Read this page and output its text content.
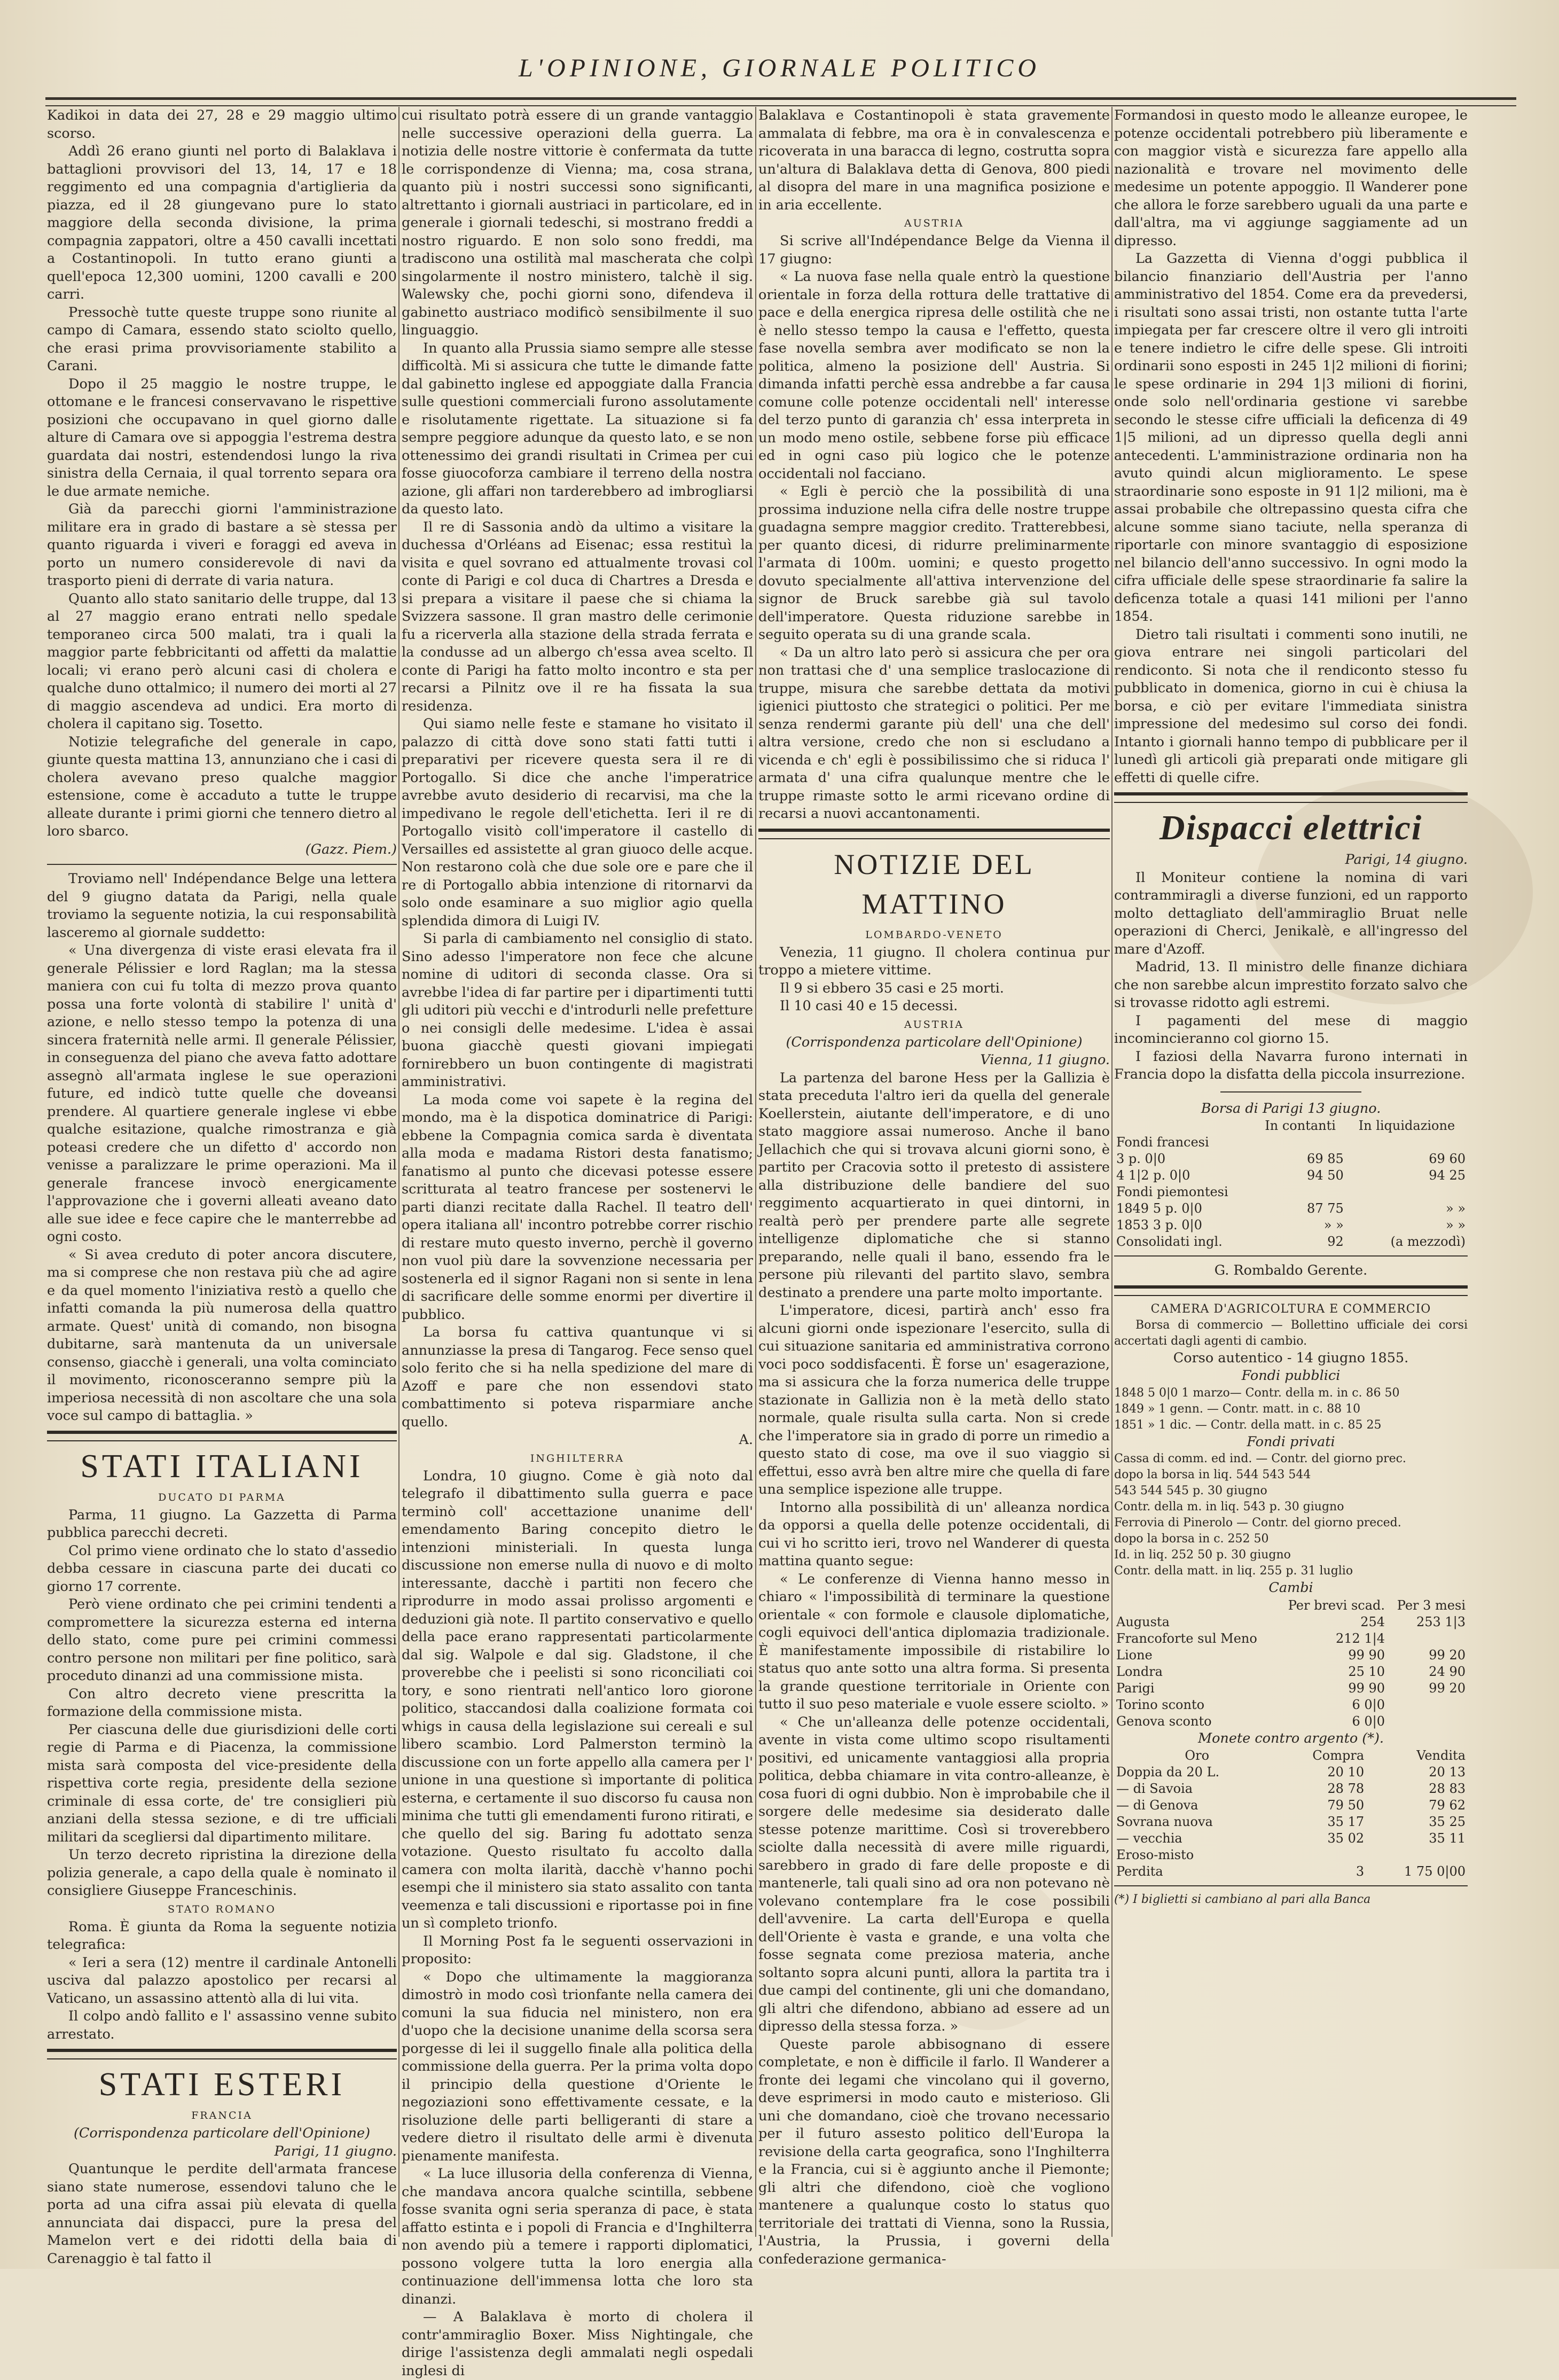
L'OPINIONE, GIORNALE POLITICO

Kadikoi in data dei 27, 28 e 29 maggio ultimo scorso.

Addì 26 erano giunti nel porto di Balaklava i battaglioni provvisori del 13, 14, 17 e 18 reggimento ed una compagnia d'artiglieria da piazza, ed il 28 giungevano pure lo stato maggiore della seconda divisione, la prima compagnia zappatori, oltre a 450 cavalli incettati a Costantinopoli. In tutto erano giunti a quell'epoca 12,300 uomini, 1200 cavalli e 200 carri.

Pressochè tutte queste truppe sono riunite al campo di Camara, essendo stato sciolto quello, che erasi prima provvisoriamente stabilito a Carani.

Dopo il 25 maggio le nostre truppe, le ottomane e le francesi conservavano le rispettive posizioni che occupavano in quel giorno dalle alture di Camara ove si appoggia l'estrema destra guardata dai nostri, estendendosi lungo la riva sinistra della Cernaia, il qual torrento separa ora le due armate nemiche.

Già da parecchi giorni l'amministrazione militare era in grado di bastare a sè stessa per quanto riguarda i viveri e foraggi ed aveva in porto un numero considerevole di navi da trasporto pieni di derrate di varia natura.

Quanto allo stato sanitario delle truppe, dal 13 al 27 maggio erano entrati nello spedale temporaneo circa 500 malati, tra i quali la maggior parte febbricitanti od affetti da malattie locali; vi erano però alcuni casi di cholera e qualche duno ottalmico; il numero dei morti al 27 di maggio ascendeva ad undici. Era morto di cholera il capitano sig. Tosetto.

Notizie telegrafiche del generale in capo, giunte questa mattina 13, annunziano che i casi di cholera avevano preso qualche maggior estensione, come è accaduto a tutte le truppe alleate durante i primi giorni che tennero dietro al loro sbarco.

(Gazz. Piem.)

Troviamo nell' Indépendance Belge una lettera del 9 giugno datata da Parigi, nella quale troviamo la seguente notizia, la cui responsabilità lasceremo al giornale suddetto:

« Una divergenza di viste erasi elevata fra il generale Pélissier e lord Raglan; ma la stessa maniera con cui fu tolta di mezzo prova quanto possa una forte volontà di stabilire l' unità d' azione, e nello stesso tempo la potenza di una sincera fraternità nelle armi. Il generale Pélissier, in conseguenza del piano che aveva fatto adottare assegnò all'armata inglese le sue operazioni future, ed indicò tutte quelle che doveansi prendere. Al quartiere generale inglese vi ebbe qualche esitazione, qualche rimostranza e già poteasi credere che un difetto d' accordo non venisse a paralizzare le prime operazioni. Ma il generale francese invocò energicamente l'approvazione che i governi alleati aveano dato alle sue idee e fece capire che le manterrebbe ad ogni costo.

« Si avea creduto di poter ancora discutere, ma si comprese che non restava più che ad agire e da quel momento l'iniziativa restò a quello che infatti comanda la più numerosa della quattro armate. Quest' unità di comando, non bisogna dubitarne, sarà mantenuta da un universale consenso, giacchè i generali, una volta cominciato il movimento, riconosceranno sempre più la imperiosa necessità di non ascoltare che una sola voce sul campo di battaglia. »

STATI ITALIANI
DUCATO DI PARMA

Parma, 11 giugno. La Gazzetta di Parma pubblica parecchi decreti.

Col primo viene ordinato che lo stato d'assedio debba cessare in ciascuna parte dei ducati co giorno 17 corrente.

Però viene ordinato che pei crimini tendenti a compromettere la sicurezza esterna ed interna dello stato, come pure pei crimini commessi contro persone non militari per fine politico, sarà proceduto dinanzi ad una commissione mista.

Con altro decreto viene prescritta la formazione della commissione mista.

Per ciascuna delle due giurisdizioni delle corti regie di Parma e di Piacenza, la commissione mista sarà composta del vice-presidente della rispettiva corte regia, presidente della sezione criminale di essa corte, de' tre consiglieri più anziani della stessa sezione, e di tre ufficiali militari da scegliersi dal dipartimento militare.

Un terzo decreto ripristina la direzione della polizia generale, a capo della quale è nominato il consigliere Giuseppe Franceschinis.

STATO ROMANO

Roma. È giunta da Roma la seguente notizia telegrafica:

« Ieri a sera (12) mentre il cardinale Antonelli usciva dal palazzo apostolico per recarsi al Vaticano, un assassino attentò alla di lui vita.

Il colpo andò fallito e l' assassino venne subito arrestato.

STATI ESTERI
FRANCIA
(Corrispondenza particolare dell'Opinione)

Parigi, 11 giugno.

Quantunque le perdite dell'armata francese siano state numerose, essendovi taluno che le porta ad una cifra assai più elevata di quella annunciata dai dispacci, pure la presa del Mamelon vert e dei ridotti della baia di Carenaggio è tal fatto il

cui risultato potrà essere di un grande vantaggio nelle successive operazioni della guerra. La notizia delle nostre vittorie è confermata da tutte le corrispondenze di Vienna; ma, cosa strana, quanto più i nostri successi sono significanti, altrettanto i giornali austriaci in particolare, ed in generale i giornali tedeschi, si mostrano freddi a nostro riguardo. E non solo sono freddi, ma tradiscono una ostilità mal mascherata che colpì singolarmente il nostro ministero, talchè il sig. Walewsky che, pochi giorni sono, difendeva il gabinetto austriaco modificò sensibilmente il suo linguaggio.

In quanto alla Prussia siamo sempre alle stesse difficoltà. Mi si assicura che tutte le dimande fatte dal gabinetto inglese ed appoggiate dalla Francia sulle questioni commerciali furono assolutamente e risolutamente rigettate. La situazione si fa sempre peggiore adunque da questo lato, e se non ottenessimo dei grandi risultati in Crimea per cui fosse giuocoforza cambiare il terreno della nostra azione, gli affari non tarderebbero ad imbrogliarsi da questo lato.

Il re di Sassonia andò da ultimo a visitare la duchessa d'Orléans ad Eisenac; essa restituì la visita e quel sovrano ed attualmente trovasi col conte di Parigi e col duca di Chartres a Dresda e si prepara a visitare il paese che si chiama la Svizzera sassone. Il gran mastro delle cerimonie fu a ricerverla alla stazione della strada ferrata e la condusse ad un albergo ch'essa avea scelto. Il conte di Parigi ha fatto molto incontro e sta per recarsi a Pilnitz ove il re ha fissata la sua residenza.

Qui siamo nelle feste e stamane ho visitato il palazzo di città dove sono stati fatti tutti i preparativi per ricevere questa sera il re di Portogallo. Si dice che anche l'imperatrice avrebbe avuto desiderio di recarvisi, ma che la impedivano le regole dell'etichetta. Ieri il re di Portogallo visitò coll'imperatore il castello di Versailles ed assistette al gran giuoco delle acque. Non restarono colà che due sole ore e pare che il re di Portogallo abbia intenzione di ritornarvi da solo onde esaminare a suo miglior agio quella splendida dimora di Luigi IV.

Si parla di cambiamento nel consiglio di stato. Sino adesso l'imperatore non fece che alcune nomine di uditori di seconda classe. Ora si avrebbe l'idea di far partire per i dipartimenti tutti gli uditori più vecchi e d'introdurli nelle prefetture o nei consigli delle medesime. L'idea è assai buona giacchè questi giovani impiegati fornirebbero un buon contingente di magistrati amministrativi.

La moda come voi sapete è la regina del mondo, ma è la dispotica dominatrice di Parigi: ebbene la Compagnia comica sarda è diventata alla moda e madama Ristori desta fanatismo; fanatismo al punto che dicevasi potesse essere scritturata al teatro francese per sostenervi le parti dianzi recitate dalla Rachel. Il teatro dell' opera italiana all' incontro potrebbe correr rischio di restare muto questo inverno, perchè il governo non vuol più dare la sovvenzione necessaria per sostenerla ed il signor Ragani non si sente in lena di sacrificare delle somme enormi per divertire il pubblico.

La borsa fu cattiva quantunque vi si annunziasse la presa di Tangarog. Fece senso quel solo ferito che si ha nella spedizione del mare di Azoff e pare che non essendovi stato combattimento si poteva risparmiare anche quello.

A.

INGHILTERRA

Londra, 10 giugno. Come è già noto dal telegrafo il dibattimento sulla guerra e pace terminò coll' accettazione unanime dell' emendamento Baring concepito dietro le intenzioni ministeriali. In questa lunga discussione non emerse nulla di nuovo e di molto interessante, dacchè i partiti non fecero che riprodurre in modo assai prolisso argomenti e deduzioni già note. Il partito conservativo e quello della pace erano rappresentati particolarmente dal sig. Walpole e dal sig. Gladstone, il che proverebbe che i peelisti si sono riconciliati coi tory, e sono rientrati nell'antico loro giorone politico, staccandosi dalla coalizione formata coi whigs in causa della legislazione sui cereali e sul libero scambio. Lord Palmerston terminò la discussione con un forte appello alla camera per l' unione in una questione sì importante di politica esterna, e certamente il suo discorso fu causa non minima che tutti gli emendamenti furono ritirati, e che quello del sig. Baring fu adottato senza votazione. Questo risultato fu accolto dalla camera con molta ilarità, dacchè v'hanno pochi esempi che il ministero sia stato assalito con tanta veemenza e tali discussioni e riportasse poi in fine un sì completo trionfo.

Il Morning Post fa le seguenti osservazioni in proposito:

« Dopo che ultimamente la maggioranza dimostrò in modo così trionfante nella camera dei comuni la sua fiducia nel ministero, non era d'uopo che la decisione unanime della scorsa sera porgesse di lei il suggello finale alla politica della commissione della guerra. Per la prima volta dopo il principio della questione d'Oriente le negoziazioni sono effettivamente cessate, e la risoluzione delle parti belligeranti di stare a vedere dietro il risultato delle armi è divenuta pienamente manifesta.

« La luce illusoria della conferenza di Vienna, che mandava ancora qualche scintilla, sebbene fosse svanita ogni seria speranza di pace, è stata affatto estinta e i popoli di Francia e d'Inghilterra non avendo più a temere i rapporti diplomatici, possono volgere tutta la loro energia alla continuazione dell'immensa lotta che loro sta dinanzi.

— A Balaklava è morto di cholera il contr'ammiraglio Boxer. Miss Nightingale, che dirige l'assistenza degli ammalati negli ospedali inglesi di

Balaklava e Costantinopoli è stata gravemente ammalata di febbre, ma ora è in convalescenza e ricoverata in una baracca di legno, costrutta sopra un'altura di Balaklava detta di Genova, 800 piedi al disopra del mare in una magnifica posizione e in aria eccellente.

AUSTRIA

Si scrive all'Indépendance Belge da Vienna il 17 giugno:

« La nuova fase nella quale entrò la questione orientale in forza della rottura delle trattative di pace e della energica ripresa delle ostilità che ne è nello stesso tempo la causa e l'effetto, questa fase novella sembra aver modificato se non la politica, almeno la posizione dell' Austria. Si dimanda infatti perchè essa andrebbe a far causa comune colle potenze occidentali nell' interesse del terzo punto di garanzia ch' essa interpreta in un modo meno ostile, sebbene forse più efficace ed in ogni caso più logico che le potenze occidentali nol facciano.

« Egli è perciò che la possibilità di una prossima induzione nella cifra delle nostre truppe guadagna sempre maggior credito. Tratterebbesi, per quanto dicesi, di ridurre preliminarmente l'armata di 100m. uomini; e questo progetto dovuto specialmente all'attiva intervenzione del signor de Bruck sarebbe già sul tavolo dell'imperatore. Questa riduzione sarebbe in seguito operata su di una grande scala.

« Da un altro lato però si assicura che per ora non trattasi che d' una semplice traslocazione di truppe, misura che sarebbe dettata da motivi igienici piuttosto che strategici o politici. Per me senza rendermi garante più dell' una che dell' altra versione, credo che non si escludano a vicenda e ch' egli è possibilissimo che si riduca l' armata d' una cifra qualunque mentre che le truppe rimaste sotto le armi ricevano ordine di recarsi a nuovi accantonamenti.

NOTIZIE DEL MATTINO
LOMBARDO-VENETO

Venezia, 11 giugno. Il cholera continua pur troppo a mietere vittime.

Il 9 si ebbero 35 casi e 25 morti.

Il 10 casi 40 e 15 decessi.

AUSTRIA
(Corrispondenza particolare dell'Opinione)

Vienna, 11 giugno.

La partenza del barone Hess per la Gallizia è stata preceduta l'altro ieri da quella del generale Koellerstein, aiutante dell'imperatore, e di uno stato maggiore assai numeroso. Anche il bano Jellachich che qui si trovava alcuni giorni sono, è partito per Cracovia sotto il pretesto di assistere alla distribuzione delle bandiere del suo reggimento acquartierato in quei dintorni, in realtà però per prendere parte alle segrete intelligenze diplomatiche che si stanno preparando, nelle quali il bano, essendo fra le persone più rilevanti del partito slavo, sembra destinato a prendere una parte molto importante.

L'imperatore, dicesi, partirà anch' esso fra alcuni giorni onde ispezionare l'esercito, sulla di cui situazione sanitaria ed amministrativa corrono voci poco soddisfacenti. È forse un' esagerazione, ma si assicura che la forza numerica delle truppe stazionate in Gallizia non è la metà dello stato normale, quale risulta sulla carta. Non si crede che l'imperatore sia in grado di porre un rimedio a questo stato di cose, ma ove il suo viaggio si effettui, esso avrà ben altre mire che quella di fare una semplice ispezione alle truppe.

Intorno alla possibilità di un' alleanza nordica da opporsi a quella delle potenze occidentali, di cui vi ho scritto ieri, trovo nel Wanderer di questa mattina quanto segue:

« Le conferenze di Vienna hanno messo in chiaro « l'impossibilità di terminare la questione orientale « con formole e clausole diplomatiche, cogli equivoci dell'antica diplomazia tradizionale. È manifestamente impossibile di ristabilire lo status quo ante sotto una altra forma. Si presenta la grande questione territoriale in Oriente con tutto il suo peso materiale e vuole essere sciolto. »

« Che un'alleanza delle potenze occidentali, avente in vista come ultimo scopo risultamenti positivi, ed unicamente vantaggiosi alla propria politica, debba chiamare in vita contro-alleanze, è cosa fuori di ogni dubbio. Non è improbabile che il sorgere delle medesime sia desiderato dalle stesse potenze marittime. Così si troverebbero sciolte dalla necessità di avere mille riguardi, sarebbero in grado di fare delle proposte e di mantenerle, tali quali sino ad ora non potevano nè volevano contemplare fra le cose possibili dell'avvenire. La carta dell'Europa e quella dell'Oriente è vasta e grande, e una volta che fosse segnata come preziosa materia, anche soltanto sopra alcuni punti, allora la partita tra i due campi del continente, gli uni che domandano, gli altri che difendono, abbiano ad essere ad un dipresso della stessa forza. »

Queste parole abbisognano di essere completate, e non è difficile il farlo. Il Wanderer a fronte dei legami che vincolano qui il governo, deve esprimersi in modo cauto e misterioso. Gli uni che domandano, cioè che trovano necessario per il futuro assesto politico dell'Europa la revisione della carta geografica, sono l'Inghilterra e la Francia, cui si è aggiunto anche il Piemonte; gli altri che difendono, cioè che vogliono mantenere a qualunque costo lo status quo territoriale dei trattati di Vienna, sono la Russia, l'Austria, la Prussia, i governi della confederazione germanica-

Formandosi in questo modo le alleanze europee, le potenze occidentali potrebbero più liberamente e con maggior vistà e sicurezza fare appello alla nazionalità e trovare nel movimento delle medesime un potente appoggio. Il Wanderer pone che allora le forze sarebbero uguali da una parte e dall'altra, ma vi aggiunge saggiamente ad un dipresso.

La Gazzetta di Vienna d'oggi pubblica il bilancio finanziario dell'Austria per l'anno amministrativo del 1854. Come era da prevedersi, i risultati sono assai tristi, non ostante tutta l'arte impiegata per far crescere oltre il vero gli introiti e tenere indietro le cifre delle spese. Gli introiti ordinarii sono esposti in 245 1|2 milioni di fiorini; le spese ordinarie in 294 1|3 milioni di fiorini, onde solo nell'ordinaria gestione vi sarebbe secondo le stesse cifre ufficiali la deficenza di 49 1|5 milioni, ad un dipresso quella degli anni antecedenti. L'amministrazione ordinaria non ha avuto quindi alcun miglioramento. Le spese straordinarie sono esposte in 91 1|2 milioni, ma è assai probabile che oltrepassino questa cifra che alcune somme siano taciute, nella speranza di riportarle con minore svantaggio di esposizione nel bilancio dell'anno successivo. In ogni modo la cifra ufficiale delle spese straordinarie fa salire la deficenza totale a quasi 141 milioni per l'anno 1854.

Dietro tali risultati i commenti sono inutili, ne giova entrare nei singoli particolari del rendiconto. Si nota che il rendiconto stesso fu pubblicato in domenica, giorno in cui è chiusa la borsa, e ciò per evitare l'immediata sinistra impressione del medesimo sul corso dei fondi. Intanto i giornali hanno tempo di pubblicare per il lunedì gli articoli già preparati onde mitigare gli effetti di quelle cifre.

Dispacci elettrici

Parigi, 14 giugno.

Il Moniteur contiene la nomina di vari contrammiragli a diverse funzioni, ed un rapporto molto dettagliato dell'ammiraglio Bruat nelle operazioni di Cherci, Jenikalè, e all'ingresso del mare d'Azoff.

Madrid, 13. Il ministro delle finanze dichiara che non sarebbe alcun imprestito forzato salvo che si trovasse ridotto agli estremi.

I pagamenti del mese di maggio incomincieranno col giorno 15.

I faziosi della Navarra furono internati in Francia dopo la disfatta della piccola insurrezione.

Borsa di Parigi 13 giugno.
	In contanti	In liquidazione
Fondi francesi		
3 p. 0|0	69 85	69 60
4 1|2 p. 0|0	94 50	94 25
Fondi piemontesi		
1849 5 p. 0|0	87 75	» »
1853 3 p. 0|0	» »	» »
Consolidati ingl.	92	(a mezzodì)
G. Rombaldo Gerente.
CAMERA D'AGRICOLTURA E COMMERCIO

Borsa di commercio — Bollettino ufficiale dei corsi accertati dagli agenti di cambio.

Corso autentico - 14 giugno 1855.
Fondi pubblici
1848 5 0|0 1 marzo— Contr. della m. in c. 86 50
1849 » 1 genn. — Contr. matt. in c. 88 10
1851 » 1 dic. — Contr. della matt. in c. 85 25
Fondi privati
Cassa di comm. ed ind. — Contr. del giorno prec.
dopo la borsa in liq. 544 543 544
543 544 545 p. 30 giugno
Contr. della m. in liq. 543 p. 30 giugno
Ferrovia di Pinerolo — Contr. del giorno preced.
dopo la borsa in c. 252 50
Id. in liq. 252 50 p. 30 giugno
Contr. della matt. in liq. 255 p. 31 luglio
Cambi
	Per brevi scad.	Per 3 mesi
Augusta	254	253 1|3
Francoforte sul Meno	212 1|4	
Lione	99 90	99 20
Londra	25 10	24 90
Parigi	99 90	99 20
Torino sconto	6 0|0	
Genova sconto	6 0|0	
Monete contro argento (*).
Oro	Compra	Vendita
Doppia da 20 L.	20 10	20 13
— di Savoia	28 78	28 83
— di Genova	79 50	79 62
Sovrana nuova	35 17	35 25
— vecchia	35 02	35 11
Eroso-misto		
Perdita	3	1 75 0|00
(*) I biglietti si cambiano al pari alla Banca
